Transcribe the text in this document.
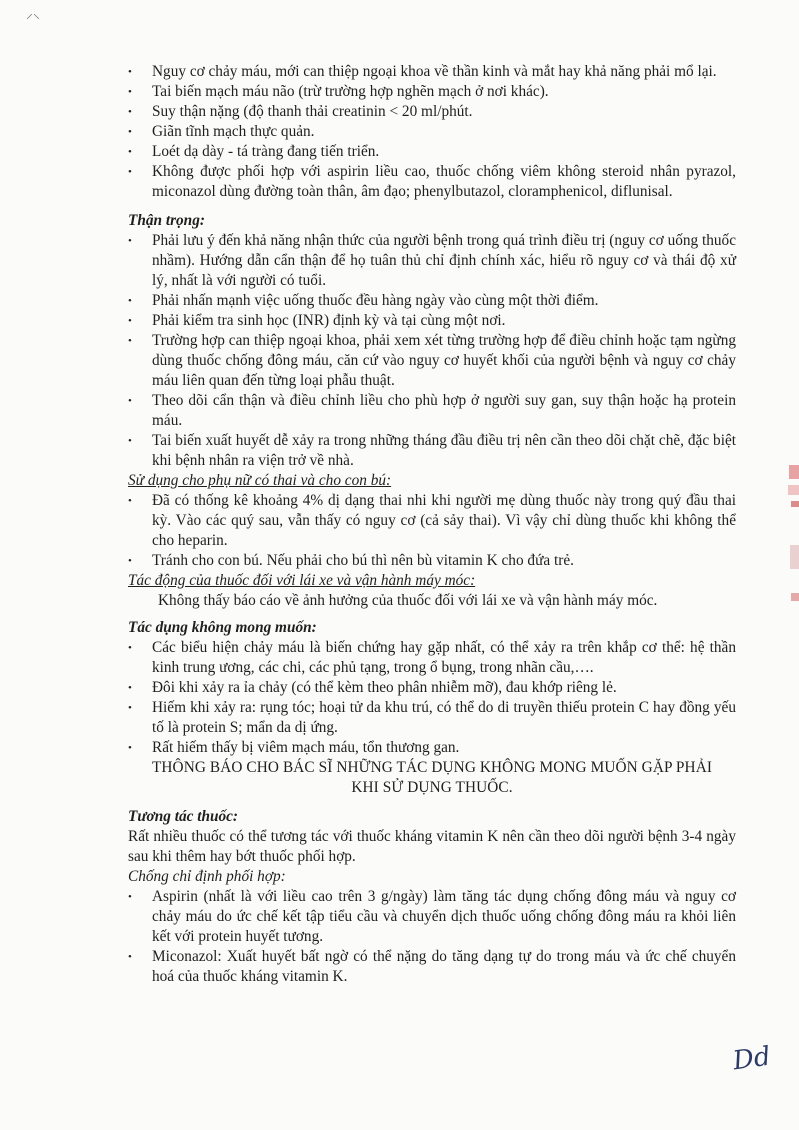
⸝⸜
• Nguy cơ chảy máu, mới can thiệp ngoại khoa về thần kinh và mắt hay khả năng phải mổ lại.
• Tai biến mạch máu não (trừ trường hợp nghẽn mạch ở nơi khác).
• Suy thận nặng (độ thanh thải creatinin < 20 ml/phút.
• Giãn tĩnh mạch thực quản.
• Loét dạ dày - tá tràng đang tiến triển.
• Không được phối hợp với aspirin liều cao, thuốc chống viêm không steroid nhân pyrazol, miconazol dùng đường toàn thân, âm đạo; phenylbutazol, cloramphenicol, diflunisal.

Thận trọng:

• Phải lưu ý đến khả năng nhận thức của người bệnh trong quá trình điều trị (nguy cơ uống thuốc nhầm). Hướng dẫn cẩn thận để họ tuân thủ chỉ định chính xác, hiểu rõ nguy cơ và thái độ xử lý, nhất là với người có tuổi.
• Phải nhấn mạnh việc uống thuốc đều hàng ngày vào cùng một thời điểm.
• Phải kiểm tra sinh học (INR) định kỳ và tại cùng một nơi.
• Trường hợp can thiệp ngoại khoa, phải xem xét từng trường hợp để điều chỉnh hoặc tạm ngừng dùng thuốc chống đông máu, căn cứ vào nguy cơ huyết khối của người bệnh và nguy cơ chảy máu liên quan đến từng loại phẫu thuật.
• Theo dõi cẩn thận và điều chỉnh liều cho phù hợp ở người suy gan, suy thận hoặc hạ protein máu.
• Tai biến xuất huyết dễ xảy ra trong những tháng đầu điều trị nên cần theo dõi chặt chẽ, đặc biệt khi bệnh nhân ra viện trở về nhà.

Sử dụng cho phụ nữ có thai và cho con bú:

• Đã có thống kê khoảng 4% dị dạng thai nhi khi người mẹ dùng thuốc này trong quý đầu thai kỳ. Vào các quý sau, vẫn thấy có nguy cơ (cả sảy thai). Vì vậy chỉ dùng thuốc khi không thể cho heparin.
• Tránh cho con bú. Nếu phải cho bú thì nên bù vitamin K cho đứa trẻ.

Tác động của thuốc đối với lái xe và vận hành máy móc:

Không thấy báo cáo về ảnh hưởng của thuốc đối với lái xe và vận hành máy móc.

Tác dụng không mong muốn:

• Các biểu hiện chảy máu là biến chứng hay gặp nhất, có thể xảy ra trên khắp cơ thể: hệ thần kinh trung ương, các chi, các phủ tạng, trong ổ bụng, trong nhãn cầu,….
• Đôi khi xảy ra ỉa chảy (có thể kèm theo phân nhiễm mỡ), đau khớp riêng lẻ.
• Hiếm khi xảy ra: rụng tóc; hoại tử da khu trú, có thể do di truyền thiếu protein C hay đồng yếu tố là protein S; mẩn da dị ứng.
• Rất hiếm thấy bị viêm mạch máu, tổn thương gan.

THÔNG BÁO CHO BÁC SĨ NHỮNG TÁC DỤNG KHÔNG MONG MUỐN GẶP PHẢI

KHI SỬ DỤNG THUỐC.

Tương tác thuốc:

Rất nhiều thuốc có thể tương tác với thuốc kháng vitamin K nên cần theo dõi người bệnh 3-4 ngày sau khi thêm hay bớt thuốc phối hợp.

Chống chỉ định phối hợp:

• Aspirin (nhất là với liều cao trên 3 g/ngày) làm tăng tác dụng chống đông máu và nguy cơ chảy máu do ức chế kết tập tiểu cầu và chuyển dịch thuốc uống chống đông máu ra khỏi liên kết với protein huyết tương.
• Miconazol: Xuất huyết bất ngờ có thể nặng do tăng dạng tự do trong máu và ức chế chuyển hoá của thuốc kháng vitamin K.
Dd
